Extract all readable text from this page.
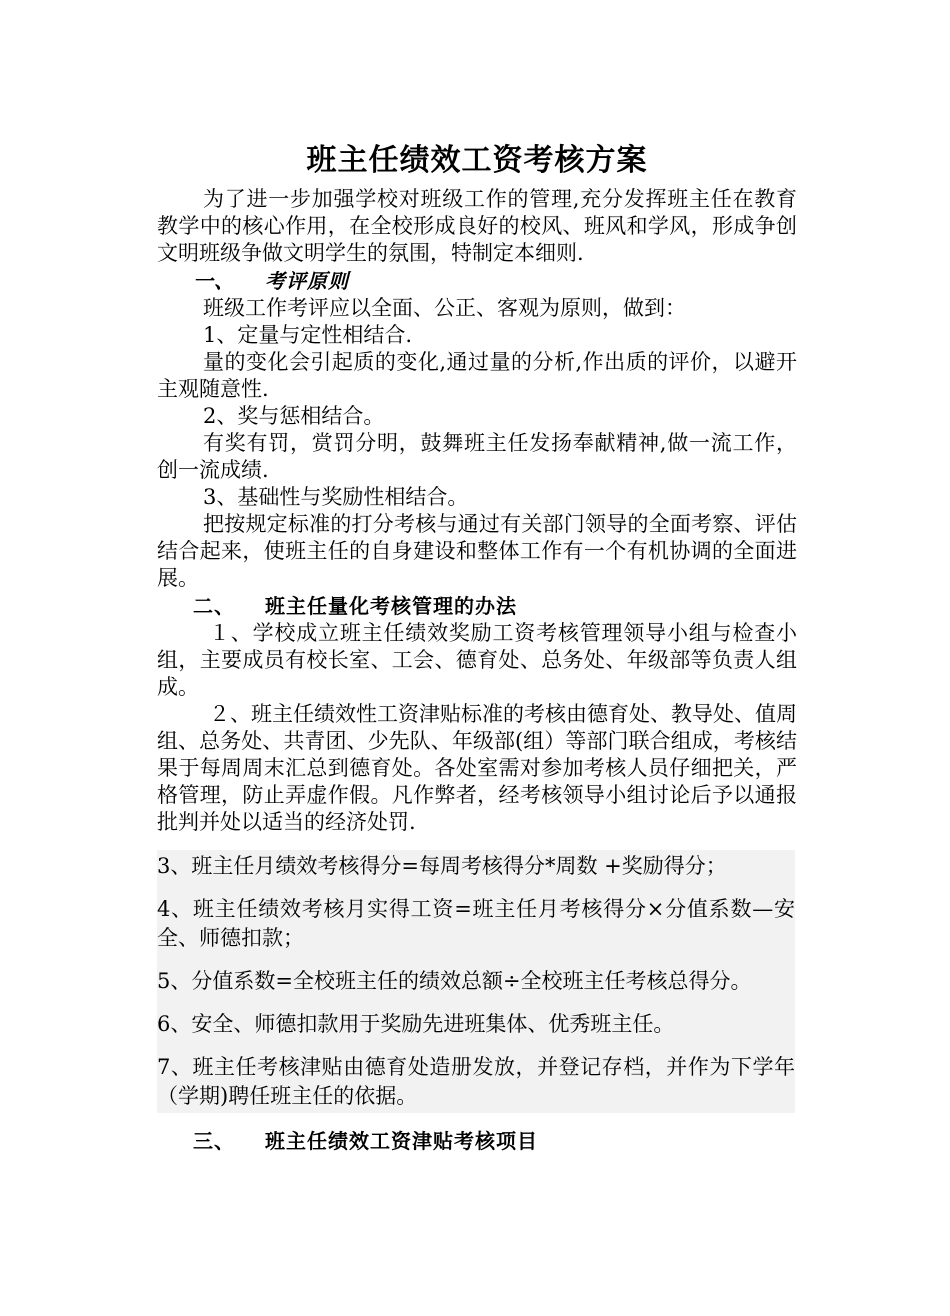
班主任绩效工资考核方案

为了进一步加强学校对班级工作的管理,充分发挥班主任在教育教学中的核心作用，在全校形成良好的校风、班风和学风，形成争创文明班级争做文明学生的氛围，特制定本细则.

一、 考评原则

班级工作考评应以全面、公正、客观为原则，做到：

1、定量与定性相结合.

量的变化会引起质的变化,通过量的分析,作出质的评价，以避开主观随意性.

2、奖与惩相结合。

有奖有罚，赏罚分明，鼓舞班主任发扬奉献精神,做一流工作，创一流成绩.

3、基础性与奖励性相结合。

把按规定标准的打分考核与通过有关部门领导的全面考察、评估结合起来，使班主任的自身建设和整体工作有一个有机协调的全面进展。

二、 班主任量化考核管理的办法

１、学校成立班主任绩效奖励工资考核管理领导小组与检查小组，主要成员有校长室、工会、德育处、总务处、年级部等负责人组成。

２、班主任绩效性工资津贴标准的考核由德育处、教导处、值周组、总务处、共青团、少先队、年级部(组）等部门联合组成，考核结果于每周周末汇总到德育处。各处室需对参加考核人员仔细把关，严格管理，防止弄虚作假。凡作弊者，经考核领导小组讨论后予以通报批判并处以适当的经济处罚.

3、班主任月绩效考核得分=每周考核得分*周数 +奖励得分；

4、班主任绩效考核月实得工资=班主任月考核得分×分值系数—安全、师德扣款；

5、分值系数=全校班主任的绩效总额÷全校班主任考核总得分。

6、安全、师德扣款用于奖励先进班集体、优秀班主任。

7、班主任考核津贴由德育处造册发放，并登记存档，并作为下学年（学期)聘任班主任的依据。

三、 班主任绩效工资津贴考核项目
